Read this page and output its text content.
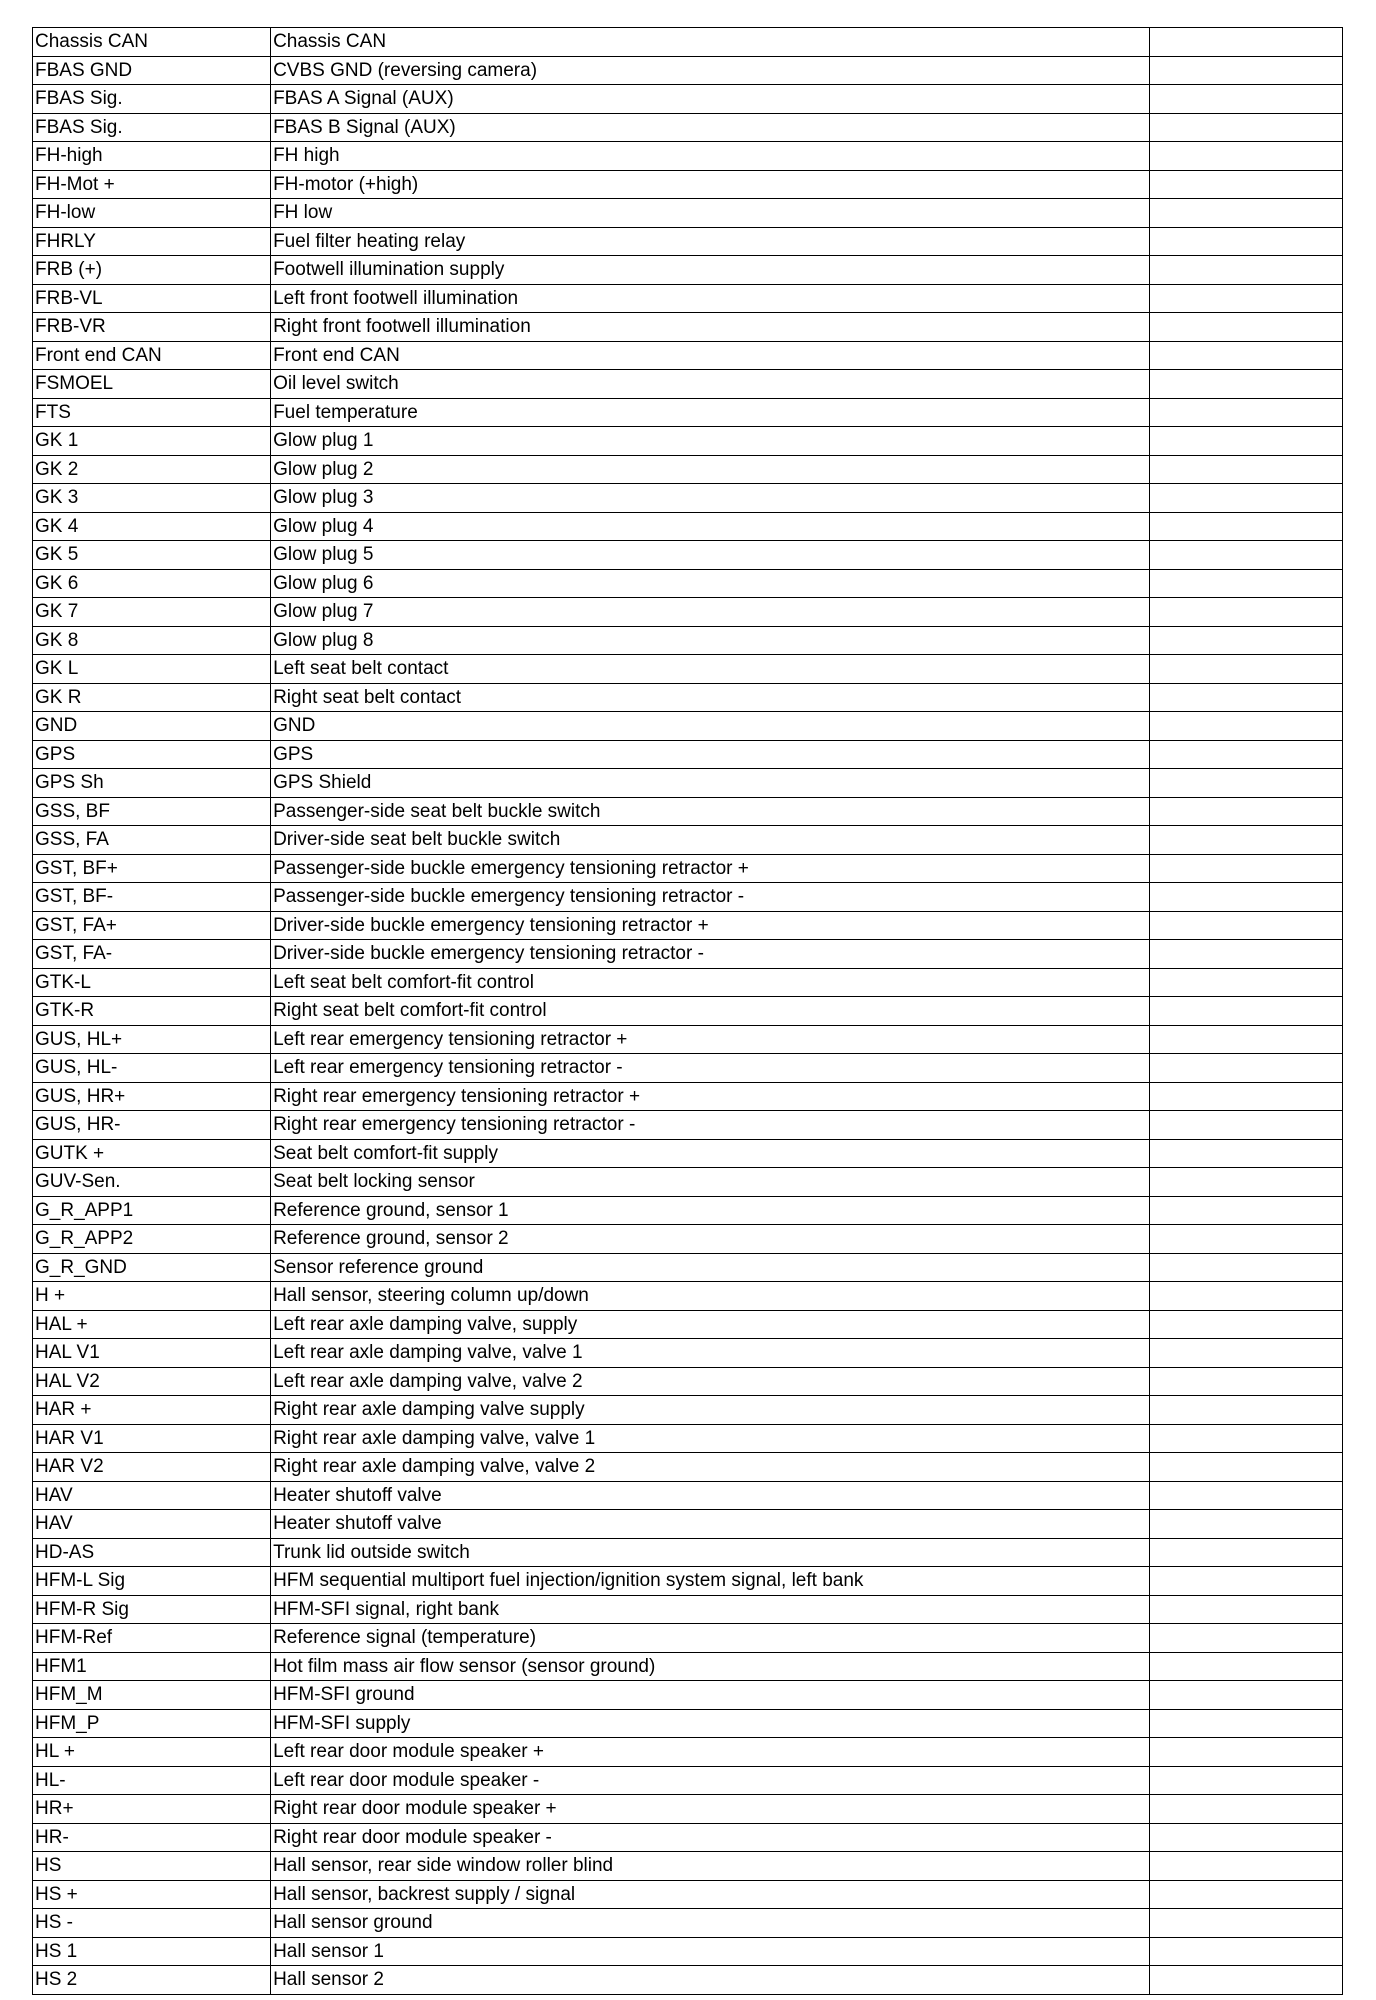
Chassis CAN	Chassis CAN	
FBAS GND	CVBS GND (reversing camera)	
FBAS Sig.	FBAS A Signal (AUX)	
FBAS Sig.	FBAS B Signal (AUX)	
FH-high	FH high	
FH-Mot +	FH-motor (+high)	
FH-low	FH low	
FHRLY	Fuel filter heating relay	
FRB (+)	Footwell illumination supply	
FRB-VL	Left front footwell illumination	
FRB-VR	Right front footwell illumination	
Front end CAN	Front end CAN	
FSMOEL	Oil level switch	
FTS	Fuel temperature	
GK 1	Glow plug 1	
GK 2	Glow plug 2	
GK 3	Glow plug 3	
GK 4	Glow plug 4	
GK 5	Glow plug 5	
GK 6	Glow plug 6	
GK 7	Glow plug 7	
GK 8	Glow plug 8	
GK L	Left seat belt contact	
GK R	Right seat belt contact	
GND	GND	
GPS	GPS	
GPS Sh	GPS Shield	
GSS, BF	Passenger-side seat belt buckle switch	
GSS, FA	Driver-side seat belt buckle switch	
GST, BF+	Passenger-side buckle emergency tensioning retractor +	
GST, BF-	Passenger-side buckle emergency tensioning retractor -	
GST, FA+	Driver-side buckle emergency tensioning retractor +	
GST, FA-	Driver-side buckle emergency tensioning retractor -	
GTK-L	Left seat belt comfort-fit control	
GTK-R	Right seat belt comfort-fit control	
GUS, HL+	Left rear emergency tensioning retractor +	
GUS, HL-	Left rear emergency tensioning retractor -	
GUS, HR+	Right rear emergency tensioning retractor +	
GUS, HR-	Right rear emergency tensioning retractor -	
GUTK +	Seat belt comfort-fit supply	
GUV-Sen.	Seat belt locking sensor	
G_R_APP1	Reference ground, sensor 1	
G_R_APP2	Reference ground, sensor 2	
G_R_GND	Sensor reference ground	
H +	Hall sensor, steering column up/down	
HAL +	Left rear axle damping valve, supply	
HAL V1	Left rear axle damping valve, valve 1	
HAL V2	Left rear axle damping valve, valve 2	
HAR +	Right rear axle damping valve supply	
HAR V1	Right rear axle damping valve, valve 1	
HAR V2	Right rear axle damping valve, valve 2	
HAV	Heater shutoff valve	
HAV	Heater shutoff valve	
HD-AS	Trunk lid outside switch	
HFM-L Sig	HFM sequential multiport fuel injection/ignition system signal, left bank	
HFM-R Sig	HFM-SFI signal, right bank	
HFM-Ref	Reference signal (temperature)	
HFM1	Hot film mass air flow sensor (sensor ground)	
HFM_M	HFM-SFI ground	
HFM_P	HFM-SFI supply	
HL +	Left rear door module speaker +	
HL-	Left rear door module speaker -	
HR+	Right rear door module speaker +	
HR-	Right rear door module speaker -	
HS	Hall sensor, rear side window roller blind	
HS +	Hall sensor, backrest supply / signal	
HS -	Hall sensor ground	
HS 1	Hall sensor 1	
HS 2	Hall sensor 2	
